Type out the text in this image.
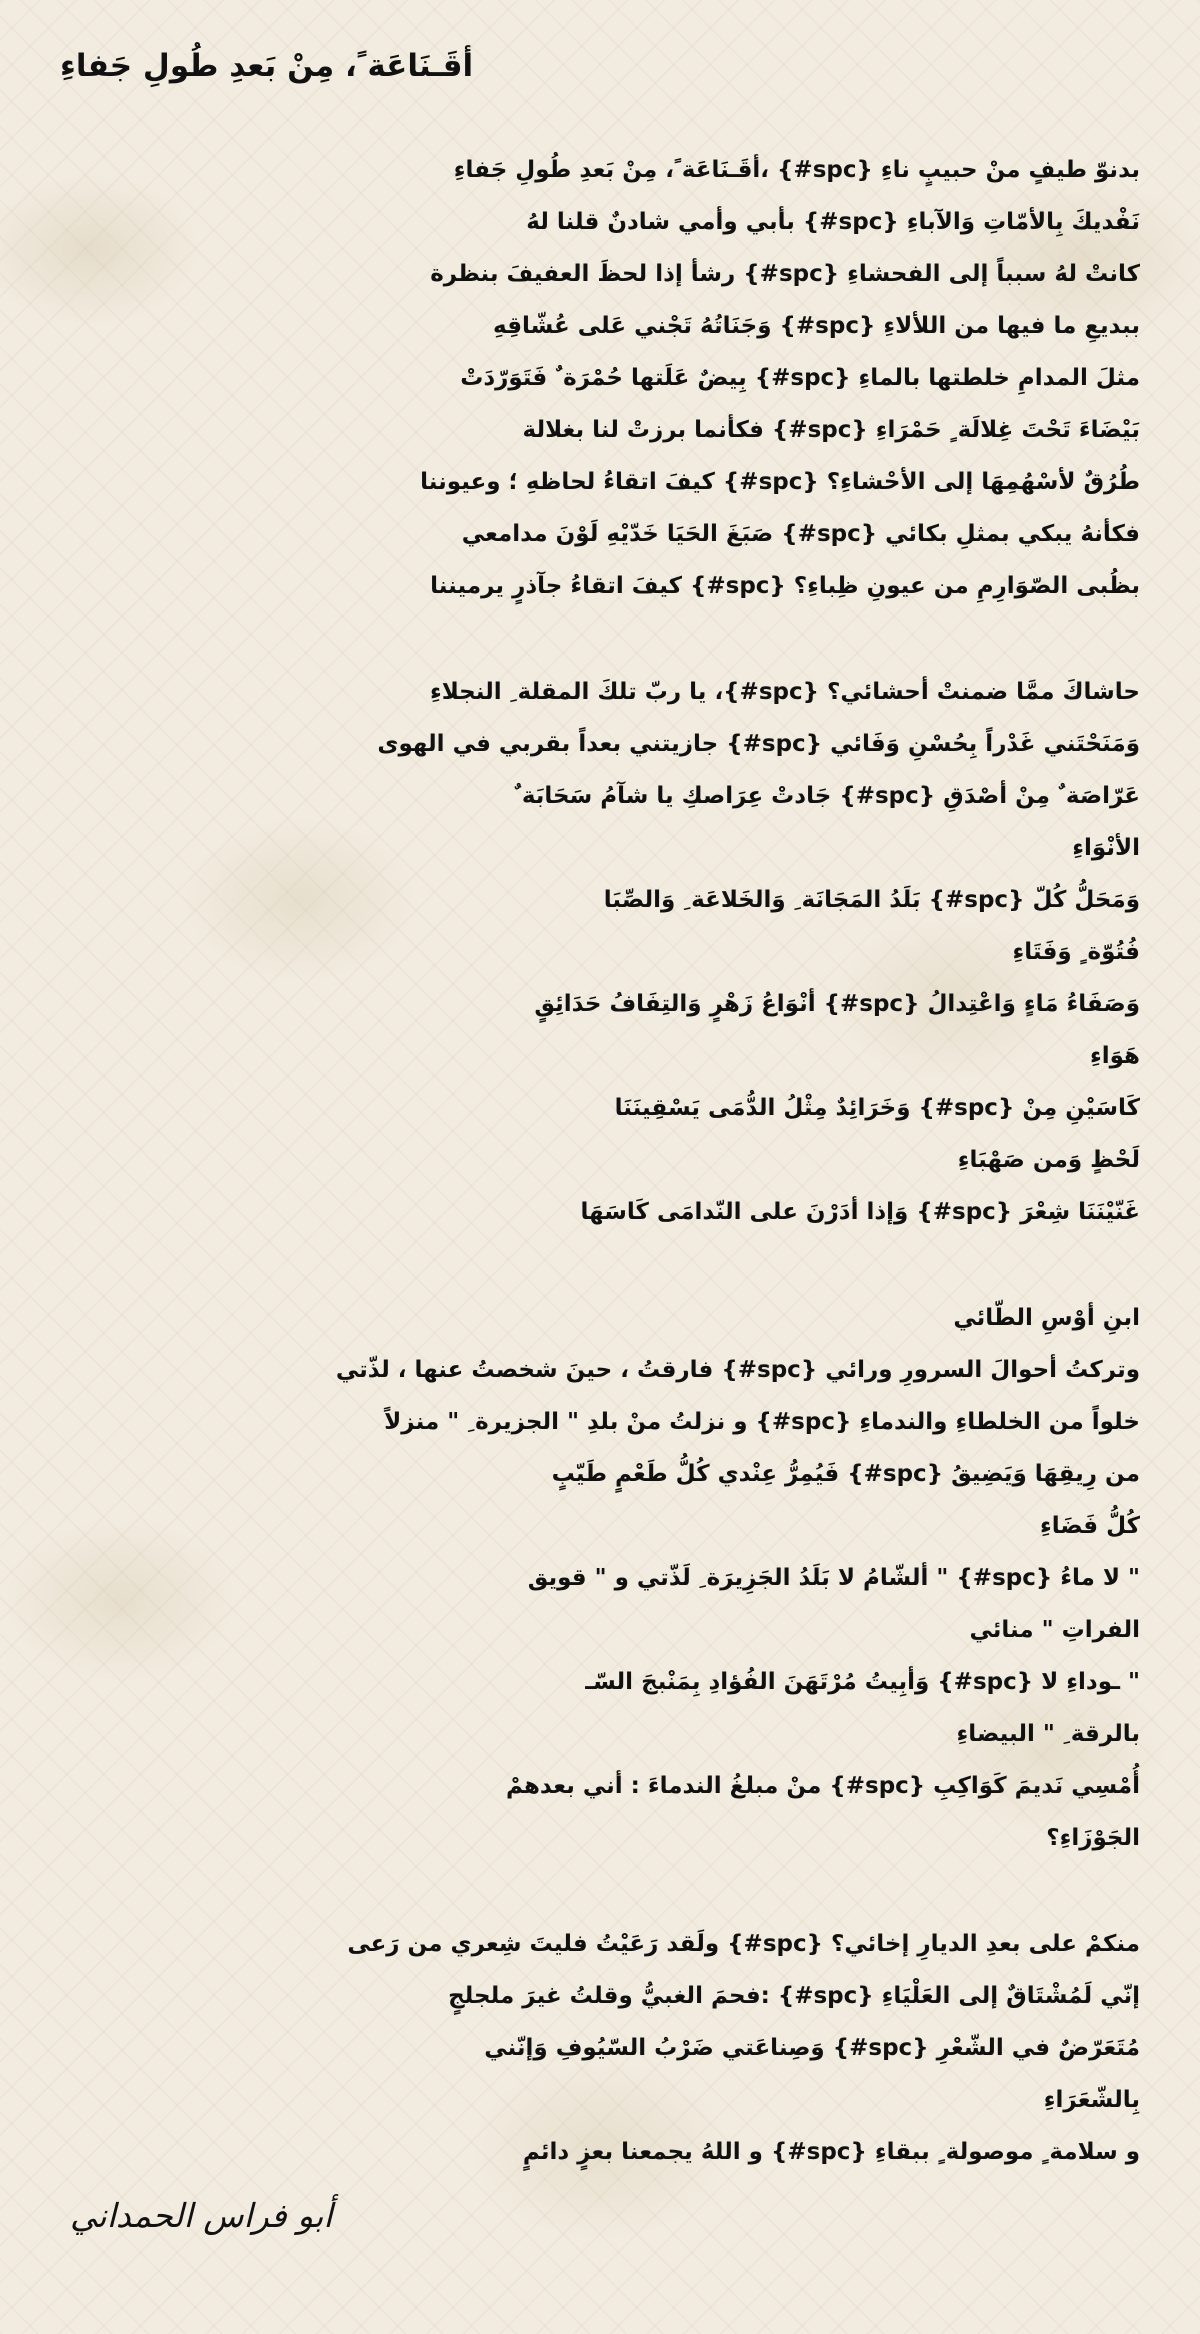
أقَـنَاعَة ً، مِنْ بَعدِ طُولِ جَفاءِ
بدنوّ طيفٍ منْ حبيبٍ ناءِ {spc#} ،أقَـنَاعَة ً، مِنْ بَعدِ طُولِ جَفاءِ
نَفْديكَ بِالأمّاتِ وَالآباءِ {spc#} بأبي وأمي شادنٌ قلنا لهُ
كانتْ لهُ سبباً إلى الفحشاءِ {spc#} رشأ إذا لحظَ العفيفَ بنظرة
ببديعِ ما فيها من اللألاءِ {spc#} وَجَنَاتُهُ تَجْني عَلى عُشّاقِهِ
مثلَ المدامِ خلطتها بالماءِ {spc#} بِيضٌ عَلَتها حُمْرَة ٌ فَتَوَرّدَتْ
بَيْضَاءَ تَحْتَ غِلالَة ٍ حَمْرَاءِ {spc#} فكأنما برزتْ لنا بغلالة
طُرُقٌ لأسْهُمِهَا إلى الأحْشاءِ؟ {spc#} كيفَ اتقاءُ لحاظهِ ؛ وعيوننا
فكأنهُ يبكي بمثلِ بكائي {spc#} صَبَغَ الحَيَا خَدّيْهِ لَوْنَ مدامعي
بظُبى الصّوَارِمِ من عيونِ ظِباءِ؟ {spc#} كيفَ اتقاءُ جآذرٍ يرميننا
حاشاكَ ممَّا ضمنتْ أحشائي؟ {spc#}، يا ربّ تلكَ المقلة ِ النجلاءِ
وَمَنَحْتَني غَدْراً بِحُسْنِ وَفَائي {spc#} جازيتني بعداً بقربي في الهوى
عَرّاصَة ٌ مِنْ أصْدَقِ {spc#} جَادتْ عِرَاصكِ يا شآمُ سَحَابَة ٌ
الأنْوَاءِ
وَمَحَلُّ كُلّ {spc#} بَلَدُ المَجَانَة ِ وَالخَلاعَة ِ وَالصِّبَا
فُتُوّة ٍ وَفَتَاءِ
وَصَفَاءُ مَاءٍ وَاعْتِدالُ {spc#} أنْوَاعُ زَهْرٍ وَالتِفَافُ حَدَائِقٍ
هَوَاءِ
كَاسَيْنِ مِنْ {spc#} وَخَرَائِدٌ مِثْلُ الدُّمَى يَسْقِينَنَا
لَحْظٍ وَمن صَهْبَاءِ
غَنّيْنَنَا شِعْرَ {spc#} وَإذا أدَرْنَ على النّدامَى كَاسَهَا
ابنِ أوْسِ الطّائي
وتركتُ أحوالَ السرورِ ورائي {spc#} فارقتُ ، حينَ شخصتُ عنها ، لذّتي
خلواً من الخلطاءِ والندماءِ {spc#} و نزلتُ منْ بلدِ " الجزيرة ِ " منزلاً
من رِيقِهَا وَيَضِيقُ {spc#} فَيُمِرُّ عِنْدي كُلُّ طَعْمٍ طَيّبٍ
كُلُّ فَضَاءِ
" لا ماءُ {spc#} " ألشّامُ لا بَلَدُ الجَزِيرَة ِ لَذّتي و " قويق
الفراتِ " منائي
" ـوداءِ لا {spc#} وَأبِيتُ مُرْتَهَنَ الفُؤادِ بِمَنْبجَ السّـ
بالرقة ِ " البيضاءِ
أُمْسِي نَديمَ كَوَاكِبِ {spc#} منْ مبلغُ الندماءَ : أني بعدهمْ
الجَوْزَاءِ؟
منكمْ على بعدِ الديارِ إخائي؟ {spc#} ولَقد رَعَيْتُ فليتَ شِعري من رَعى
إنّي لَمُشْتَاقٌ إلى العَلْيَاءِ {spc#} :فحمَ الغبيُّ وقلتُ غيرَ ملجلجٍ
مُتَعَرّضٌ في الشّعْرِ {spc#} وَصِناعَتي ضَرْبُ السّيُوفِ وَإنّني
بِالشّعَرَاءِ
و سلامة ٍ موصولة ٍ ببقاءِ {spc#} و اللهُ يجمعنا بعزٍ دائمٍ
أبو فراس الحمداني
